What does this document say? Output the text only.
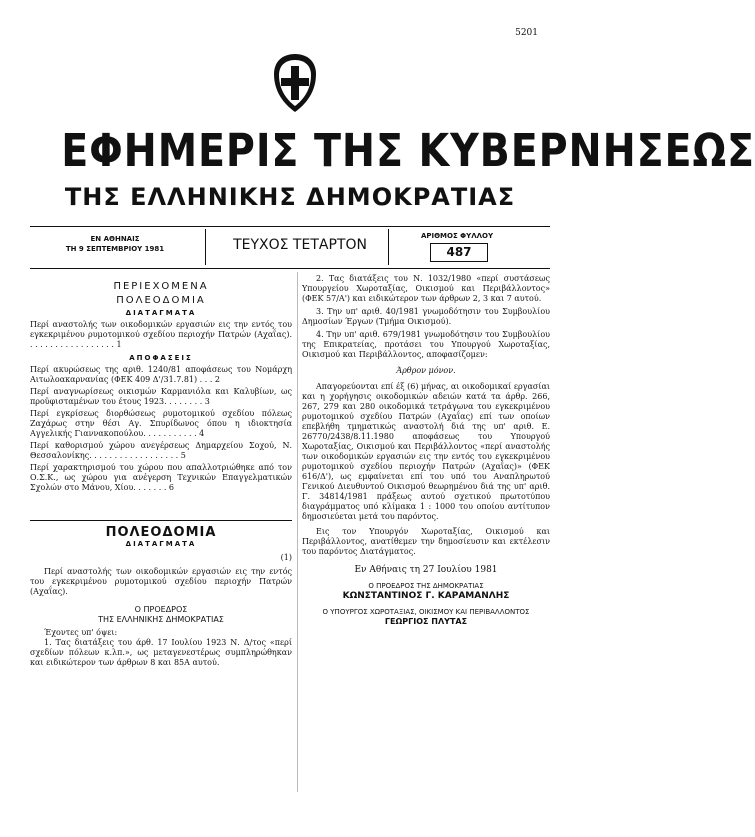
5201
ΕΦΗΜΕΡΙΣ ΤΗΣ ΚΥΒΕΡΝΗΣΕΩΣ
ΤΗΣ ΕΛΛΗΝΙΚΗΣ ΔΗΜΟΚΡΑΤΙΑΣ
ΕΝ ΑΘΗΝΑΙΣ
ΤΗ 9 ΣΕΠΤΕΜΒΡΙΟΥ 1981	ΤΕΥΧΟΣ ΤΕΤΑΡΤΟΝ
ΑΡΙΘΜΟΣ ΦΥΛΛΟΥ
487
ΠΕΡΙΕΧΟΜΕΝΑ
ΠΟΛΕΟΔΟΜΙΑ
ΔΙΑΤΑΓΜΑΤΑ
Περί αναστολής των οικοδομικών εργασιών εις την εντός του εγκεκριμένου ρυμοτομικού σχεδίου περιοχήν Πατρών (Αχαΐας). . . . . . . . . . . . . . . . . . 1
ΑΠΟΦΑΣΕΙΣ
Περί ακυρώσεως της αριθ. 1240/81 αποφάσεως του Νομάρχη Αιτωλοακαρνανίας (ΦΕΚ 409 Δ'/31.7.81) . . . 2
Περί αναγνωρίσεως οικισμών Καρμανιόλα και Καλυβίων, ως προϋφισταμένων του έτους 1923. . . . . . . . 3
Περί εγκρίσεως διορθώσεως ρυμοτομικού σχεδίου πόλεως Ζαχάρως στην θέσι Αγ. Σπυρίδωνος όπου η ιδιοκτησία Αγγελικής Γιαννακοπούλου. . . . . . . . . . . 4
Περί καθορισμού χώρου ανεγέρσεως Δημαρχείου Σοχού, Ν. Θεσσαλονίκης. . . . . . . . . . . . . . . . . . 5
Περί χαρακτηρισμού του χώρου που απαλλοτριώθηκε από τον Ο.Σ.Κ., ως χώρου για ανέγερση Τεχνικών Επαγγελματικών Σχολών στο Μάνου, Χίου. . . . . . . 6
ΠΟΛΕΟΔΟΜΙΑ
ΔΙΑΤΑΓΜΑΤΑ
(1)
Περί αναστολής των οικοδομικών εργασιών εις την εντός του εγκεκριμένου ρυμοτομικού σχεδίου περιοχήν Πατρών (Αχαΐας).
Ο ΠΡΟΕΔΡΟΣ
ΤΗΣ ΕΛΛΗΝΙΚΗΣ ΔΗΜΟΚΡΑΤΙΑΣ
Έχοντες υπ' όψει:
1. Τας διατάξεις του άρθ. 17 Ιουλίου 1923 Ν. Δ/τος «περί σχεδίων πόλεων κ.λπ.», ως μεταγενεστέρως συμπληρώθηκαν και ειδικώτερον των άρθρων 8 και 85Α αυτού.
2. Τας διατάξεις του Ν. 1032/1980 «περί συστάσεως Υπουργείου Χωροταξίας, Οικισμού και Περιβάλλοντος» (ΦΕΚ 57/Α') και ειδικώτερον των άρθρων 2, 3 και 7 αυτού.
3. Την υπ' αριθ. 40/1981 γνωμοδότησιν του Συμβουλίου Δημοσίων Έργων (Τμήμα Οικισμού).
4. Την υπ' αριθ. 679/1981 γνωμοδότησιν του Συμβουλίου της Επικρατείας, προτάσει του Υπουργού Χωροταξίας, Οικισμού και Περιβάλλοντος, αποφασίζομεν:
Άρθρον μόνον.
Απαγορεύονται επί έξ (6) μήνας, αι οικοδομικαί εργασίαι και η χορήγησις οικοδομικών αδειών κατά τα άρθρ. 266, 267, 279 και 280 οικοδομικά τετράγωνα του εγκεκριμένου ρυμοτομικού σχεδίου Πατρών (Αχαΐας) επί των οποίων επεβλήθη τμηματικώς αναστολή διά της υπ' αριθ. Ε. 26770/2438/8.11.1980 αποφάσεως του Υπουργού Χωροταξίας, Οικισμού και Περιβάλλοντος «περί αναστολής των οικοδομικών εργασιών εις την εντός του εγκεκριμένου ρυμοτομικού σχεδίου περιοχήν Πατρών (Αχαΐας)» (ΦΕΚ 616/Δ'), ως εμφαίνεται επί του υπό του Αναπληρωτού Γενικού Διευθυντού Οικισμού θεωρημένου διά της υπ' αριθ. Γ. 34814/1981 πράξεως αυτού σχετικού πρωτοτύπου διαγράμματος υπό κλίμακα 1 : 1000 του οποίου αντίτυπον δημοσιεύεται μετά του παρόντος.
Εις τον Υπουργόν Χωροταξίας, Οικισμού και Περιβάλλοντος, ανατίθεμεν την δημοσίευσιν και εκτέλεσιν του παρόντος Διατάγματος.
Εν Αθήναις τη 27 Ιουλίου 1981
Ο ΠΡΟΕΔΡΟΣ ΤΗΣ ΔΗΜΟΚΡΑΤΙΑΣ
ΚΩΝΣΤΑΝΤΙΝΟΣ Γ. ΚΑΡΑΜΑΝΛΗΣ
Ο ΥΠΟΥΡΓΟΣ ΧΩΡΟΤΑΞΙΑΣ, ΟΙΚΙΣΜΟΥ ΚΑΙ ΠΕΡΙΒΑΛΛΟΝΤΟΣ
ΓΕΩΡΓΙΟΣ ΠΛΥΤΑΣ
